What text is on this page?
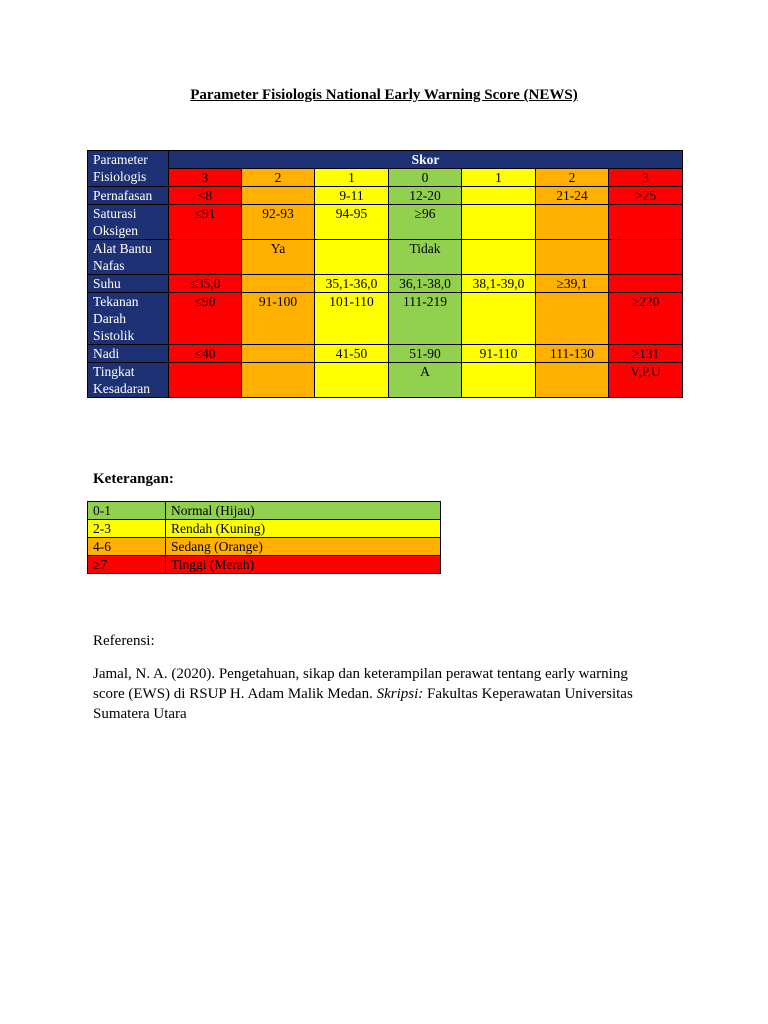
Parameter Fisiologis National Early Warning Score (NEWS)
Parameter Fisiologis	Skor						
	3	2	1	0	1	2	3
Pernafasan	<8		9-11	12-20		21-24	>25
Saturasi Oksigen	≤91	92-93	94-95	≥96			
Alat Bantu Nafas		Ya		Tidak			
Suhu	≤35,0		35,1-36,0	36,1-38,0	38,1-39,0	≥39,1	
Tekanan Darah Sistolik	≤90	91-100	101-110	111-219			≥220
Nadi	≤40		41-50	51-90	91-110	111-130	≥131
Tingkat Kesadaran				A			V,P,U
Keterangan:
0-1	Normal (Hijau)
2-3	Rendah (Kuning)
4-6	Sedang (Orange)
≥7	Tinggi (Merah)
Referensi:
Jamal, N. A. (2020). Pengetahuan, sikap dan keterampilan perawat tentang early warning score (EWS) di RSUP H. Adam Malik Medan. Skripsi: Fakultas Keperawatan Universitas Sumatera Utara
